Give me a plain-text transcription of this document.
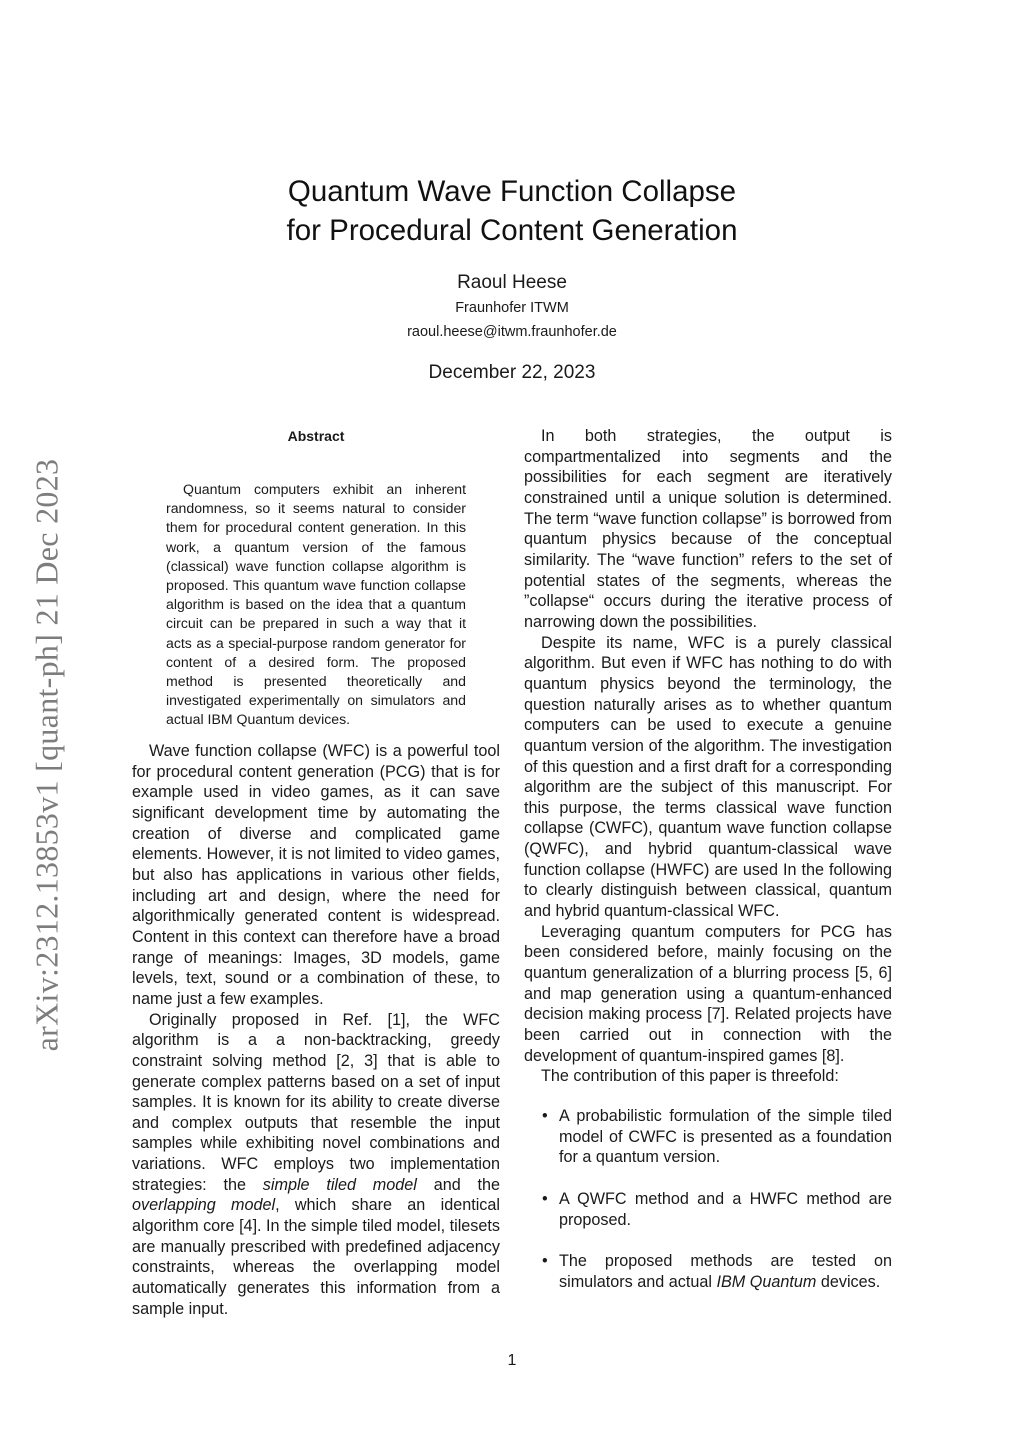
arXiv:2312.13853v1 [quant-ph] 21 Dec 2023
Quantum Wave Function Collapse
for Procedural Content Generation
Raoul Heese
Fraunhofer ITWM
raoul.heese@itwm.fraunhofer.de
December 22, 2023
Abstract

Quantum computers exhibit an inherent randomness, so it seems natural to consider them for procedural content generation. In this work, a quantum version of the famous (classical) wave function collapse algorithm is proposed. This quantum wave function collapse algorithm is based on the idea that a quantum circuit can be prepared in such a way that it acts as a special-purpose random generator for content of a desired form. The proposed method is presented theoretically and investigated experimentally on simulators and actual IBM Quantum devices.

Wave function collapse (WFC) is a powerful tool for procedural content generation (PCG) that is for example used in video games, as it can save significant development time by automating the creation of diverse and complicated game elements. However, it is not limited to video games, but also has applications in various other fields, including art and design, where the need for algorithmically generated content is widespread. Content in this context can therefore have a broad range of meanings: Images, 3D models, game levels, text, sound or a combination of these, to name just a few examples.

Originally proposed in Ref. [1], the WFC algorithm is a a non-backtracking, greedy constraint solving method [2, 3] that is able to generate complex patterns based on a set of input samples. It is known for its ability to create diverse and complex outputs that resemble the input samples while exhibiting novel combinations and variations. WFC employs two implementation strategies: the simple tiled model and the overlapping model, which share an identical algorithm core [4]. In the simple tiled model, tilesets are manually prescribed with predefined adjacency constraints, whereas the overlapping model automatically generates this information from a sample input.

In both strategies, the output is compartmentalized into segments and the possibilities for each segment are iteratively constrained until a unique solution is determined. The term “wave function collapse” is borrowed from quantum physics because of the conceptual similarity. The “wave function” refers to the set of potential states of the segments, whereas the ”collapse“ occurs during the iterative process of narrowing down the possibilities.

Despite its name, WFC is a purely classical algorithm. But even if WFC has nothing to do with quantum physics beyond the terminology, the question naturally arises as to whether quantum computers can be used to execute a genuine quantum version of the algorithm. The investigation of this question and a first draft for a corresponding algorithm are the subject of this manuscript. For this purpose, the terms classical wave function collapse (CWFC), quantum wave function collapse (QWFC), and hybrid quantum-classical wave function collapse (HWFC) are used In the following to clearly distinguish between classical, quantum and hybrid quantum-classical WFC.

Leveraging quantum computers for PCG has been considered before, mainly focusing on the quantum generalization of a blurring process [5, 6] and map generation using a quantum-enhanced decision making process [7]. Related projects have been carried out in connection with the development of quantum-inspired games [8].

The contribution of this paper is threefold:

• A probabilistic formulation of the simple tiled model of CWFC is presented as a foundation for a quantum version.
• A QWFC method and a HWFC method are proposed.
• The proposed methods are tested on simulators and actual IBM Quantum devices.
1
